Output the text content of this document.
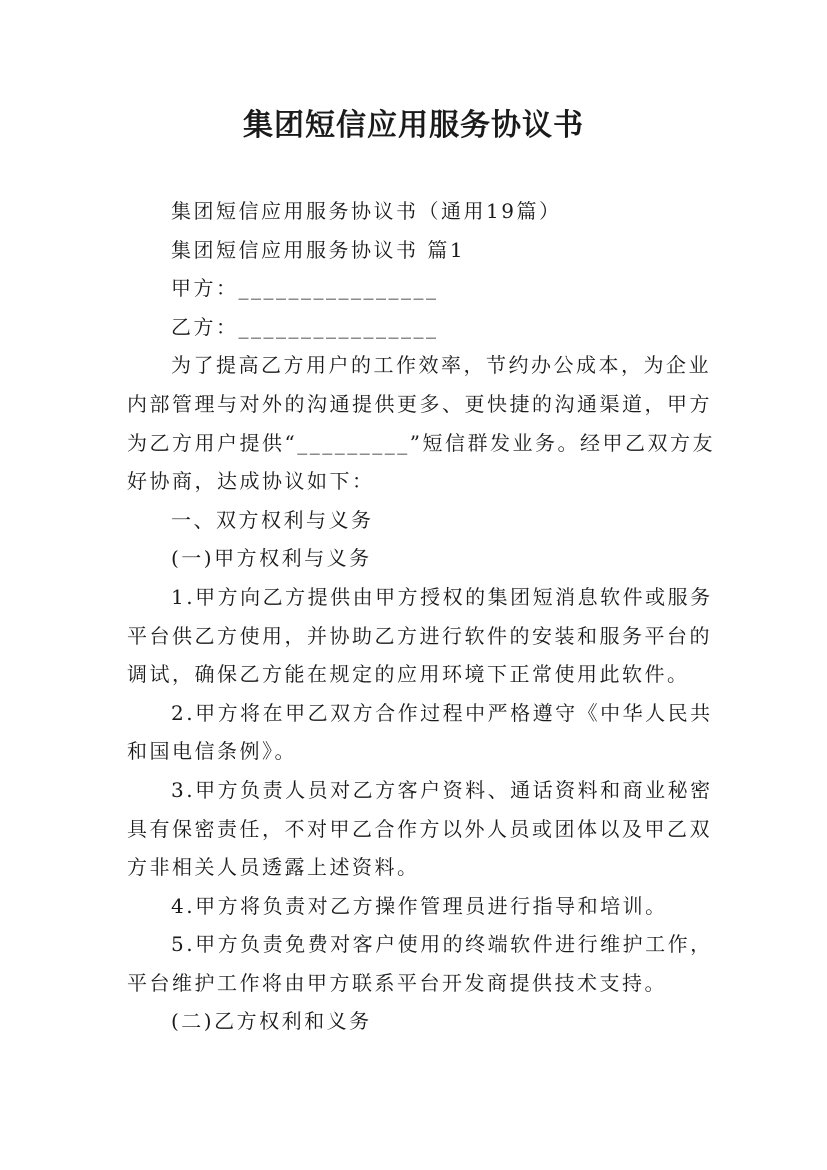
集团短信应用服务协议书

集团短信应用服务协议书（通用19篇）

集团短信应用服务协议书 篇1

甲方：________________

乙方：________________

为了提高乙方用户的工作效率，节约办公成本，为企业内部管理与对外的沟通提供更多、更快捷的沟通渠道，甲方为乙方用户提供“_________”短信群发业务。经甲乙双方友好协商，达成协议如下：

一、双方权利与义务

(一)甲方权利与义务

1.甲方向乙方提供由甲方授权的集团短消息软件或服务平台供乙方使用，并协助乙方进行软件的安装和服务平台的调试，确保乙方能在规定的应用环境下正常使用此软件。

2.甲方将在甲乙双方合作过程中严格遵守《中华人民共和国电信条例》。

3.甲方负责人员对乙方客户资料、通话资料和商业秘密具有保密责任，不对甲乙合作方以外人员或团体以及甲乙双方非相关人员透露上述资料。

4.甲方将负责对乙方操作管理员进行指导和培训。

5.甲方负责免费对客户使用的终端软件进行维护工作，平台维护工作将由甲方联系平台开发商提供技术支持。

(二)乙方权利和义务
